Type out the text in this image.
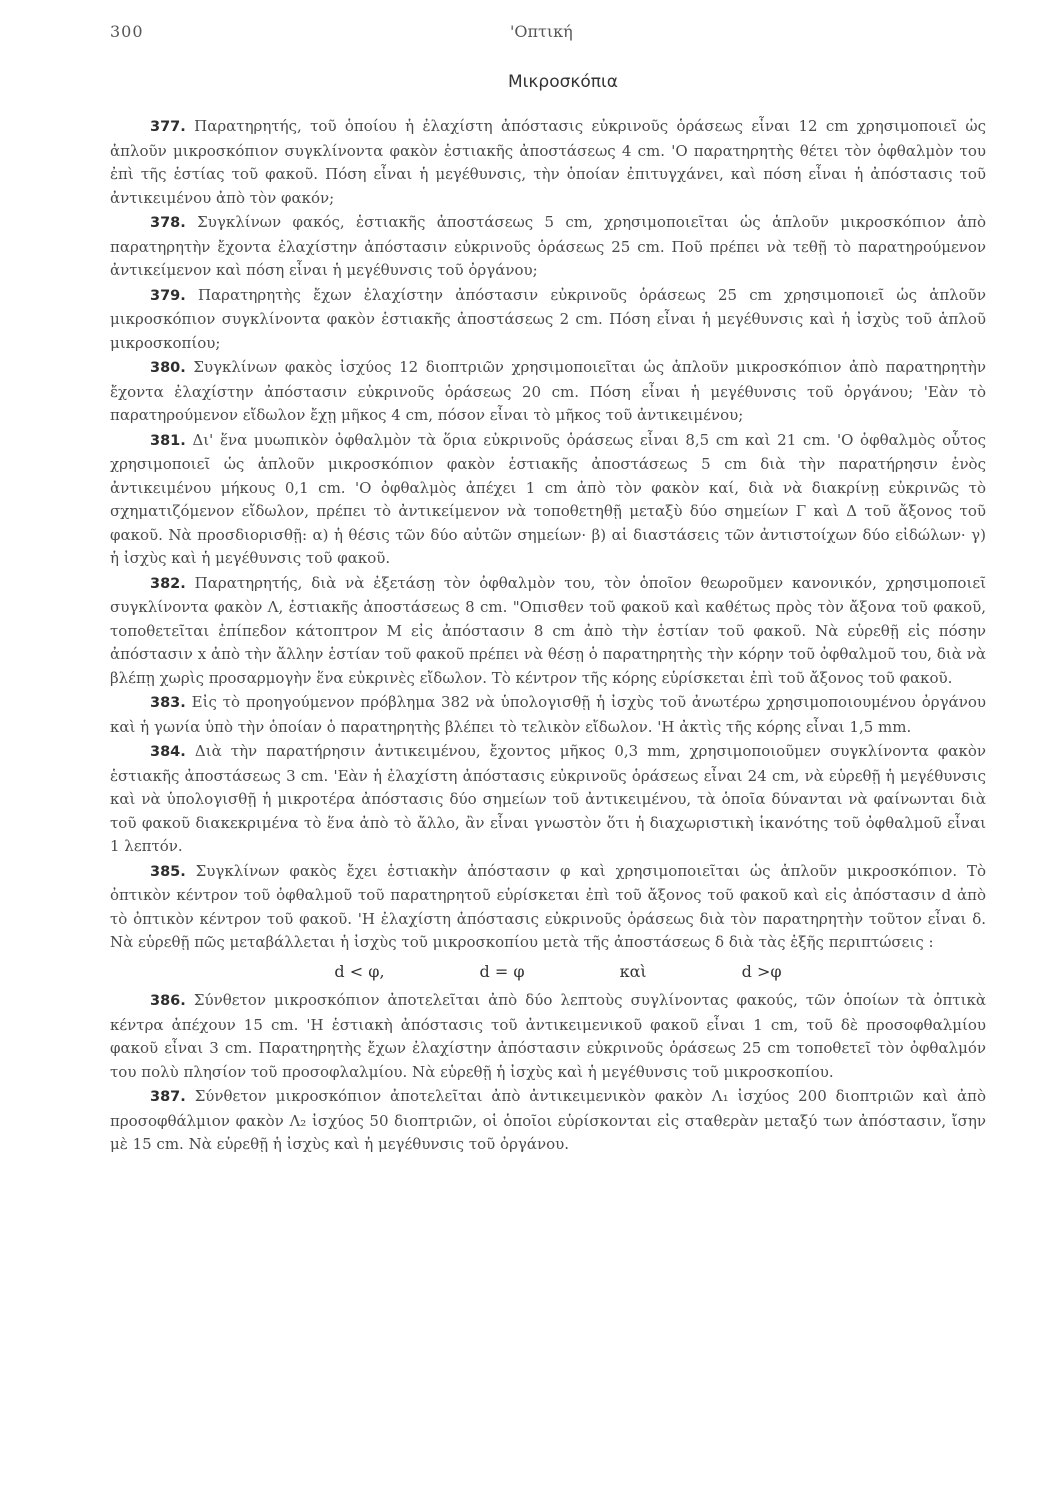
300	'Οπτική
Μικροσκόπια

377. Παρατηρητής, τοῦ ὁποίου ἡ ἐλαχίστη ἀπόστασις εὐκρινοῦς ὁράσεως εἶναι 12 cm χρησιμοποιεῖ ὡς ἁπλοῦν μικροσκόπιον συγκλίνοντα φακὸν ἑστιακῆς ἀποστάσεως 4 cm. 'Ο παρατηρητὴς θέτει τὸν ὀφθαλμὸν του ἐπὶ τῆς ἑστίας τοῦ φακοῦ. Πόση εἶναι ἡ μεγέθυνσις, τὴν ὁποίαν ἐπιτυγχάνει, καὶ πόση εἶναι ἡ ἀπόστασις τοῦ ἀντικειμένου ἀπὸ τὸν φακόν;

378. Συγκλίνων φακός, ἑστιακῆς ἀποστάσεως 5 cm, χρησιμοποιεῖται ὡς ἁπλοῦν μικροσκόπιον ἀπὸ παρατηρητὴν ἔχοντα ἐλαχίστην ἀπόστασιν εὐκρινοῦς ὁράσεως 25 cm. Ποῦ πρέπει νὰ τεθῇ τὸ παρατηρούμενον ἀντικείμενον καὶ πόση εἶναι ἡ μεγέθυνσις τοῦ ὀργάνου;

379. Παρατηρητὴς ἔχων ἐλαχίστην ἀπόστασιν εὐκρινοῦς ὁράσεως 25 cm χρησιμοποιεῖ ὡς ἁπλοῦν μικροσκόπιον συγκλίνοντα φακὸν ἑστιακῆς ἀποστάσεως 2 cm. Πόση εἶναι ἡ μεγέθυνσις καὶ ἡ ἰσχὺς τοῦ ἁπλοῦ μικροσκοπίου;

380. Συγκλίνων φακὸς ἰσχύος 12 διοπτριῶν χρησιμοποιεῖται ὡς ἁπλοῦν μικροσκόπιον ἀπὸ παρατηρητὴν ἔχοντα ἐλαχίστην ἀπόστασιν εὐκρινοῦς ὁράσεως 20 cm. Πόση εἶναι ἡ μεγέθυνσις τοῦ ὀργάνου; 'Εὰν τὸ παρατηρούμενον εἴδωλον ἔχῃ μῆκος 4 cm, πόσον εἶναι τὸ μῆκος τοῦ ἀντικειμένου;

381. Δι' ἕνα μυωπικὸν ὀφθαλμὸν τὰ ὅρια εὐκρινοῦς ὁράσεως εἶναι 8,5 cm καὶ 21 cm. 'Ο ὀφθαλμὸς οὗτος χρησιμοποιεῖ ὡς ἁπλοῦν μικροσκόπιον φακὸν ἑστιακῆς ἀποστάσεως 5 cm διὰ τὴν παρατήρησιν ἑνὸς ἀντικειμένου μήκους 0,1 cm. 'Ο ὀφθαλμὸς ἀπέχει 1 cm ἀπὸ τὸν φακὸν καί, διὰ νὰ διακρίνῃ εὐκρινῶς τὸ σχηματιζόμενον εἴδωλον, πρέπει τὸ ἀντικείμενον νὰ τοποθετηθῇ μεταξὺ δύο σημείων Γ καὶ Δ τοῦ ἄξονος τοῦ φακοῦ. Νὰ προσδιορισθῇ: α) ἡ θέσις τῶν δύο αὐτῶν σημείων· β) αἱ διαστάσεις τῶν ἀντιστοίχων δύο εἰδώλων· γ) ἡ ἰσχὺς καὶ ἡ μεγέθυνσις τοῦ φακοῦ.

382. Παρατηρητής, διὰ νὰ ἐξετάσῃ τὸν ὀφθαλμὸν του, τὸν ὁποῖον θεωροῦμεν κανονικόν, χρησιμοποιεῖ συγκλίνοντα φακὸν Λ, ἑστιακῆς ἀποστάσεως 8 cm. "Οπισθεν τοῦ φακοῦ καὶ καθέτως πρὸς τὸν ἄξονα τοῦ φακοῦ, τοποθετεῖται ἐπίπεδον κάτοπτρον Μ εἰς ἀπόστασιν 8 cm ἀπὸ τὴν ἑστίαν τοῦ φακοῦ. Νὰ εὑρεθῇ εἰς πόσην ἀπόστασιν x ἀπὸ τὴν ἄλλην ἑστίαν τοῦ φακοῦ πρέπει νὰ θέσῃ ὁ παρατηρητὴς τὴν κόρην τοῦ ὀφθαλμοῦ του, διὰ νὰ βλέπῃ χωρὶς προσαρμογὴν ἕνα εὐκρινὲς εἴδωλον. Τὸ κέντρον τῆς κόρης εὑρίσκεται ἐπὶ τοῦ ἄξονος τοῦ φακοῦ.

383. Εἰς τὸ προηγούμενον πρόβλημα 382 νὰ ὑπολογισθῇ ἡ ἰσχὺς τοῦ ἀνωτέρω χρησιμοποιουμένου ὀργάνου καὶ ἡ γωνία ὑπὸ τὴν ὁποίαν ὁ παρατηρητὴς βλέπει τὸ τελικὸν εἴδωλον. 'Η ἀκτὶς τῆς κόρης εἶναι 1,5 mm.

384. Διὰ τὴν παρατήρησιν ἀντικειμένου, ἔχοντος μῆκος 0,3 mm, χρησιμοποιοῦμεν συγκλίνοντα φακὸν ἑστιακῆς ἀποστάσεως 3 cm. 'Εὰν ἡ ἐλαχίστη ἀπόστασις εὐκρινοῦς ὁράσεως εἶναι 24 cm, νὰ εὑρεθῇ ἡ μεγέθυνσις καὶ νὰ ὑπολογισθῇ ἡ μικροτέρα ἀπόστασις δύο σημείων τοῦ ἀντικειμένου, τὰ ὁποῖα δύνανται νὰ φαίνωνται διὰ τοῦ φακοῦ διακεκριμένα τὸ ἕνα ἀπὸ τὸ ἄλλο, ἂν εἶναι γνωστὸν ὅτι ἡ διαχωριστικὴ ἱκανότης τοῦ ὀφθαλμοῦ εἶναι 1 λεπτόν.

385. Συγκλίνων φακὸς ἔχει ἑστιακὴν ἀπόστασιν φ καὶ χρησιμοποιεῖται ὡς ἁπλοῦν μικροσκόπιον. Τὸ ὀπτικὸν κέντρον τοῦ ὀφθαλμοῦ τοῦ παρατηρητοῦ εὑρίσκεται ἐπὶ τοῦ ἄξονος τοῦ φακοῦ καὶ εἰς ἀπόστασιν d ἀπὸ τὸ ὀπτικὸν κέντρον τοῦ φακοῦ. 'Η ἐλαχίστη ἀπόστασις εὐκρινοῦς ὁράσεως διὰ τὸν παρατηρητὴν τοῦτον εἶναι δ. Νὰ εὑρεθῇ πῶς μεταβάλλεται ἡ ἰσχὺς τοῦ μικροσκοπίου μετὰ τῆς ἀποστάσεως δ διὰ τὰς ἑξῆς περιπτώσεις :

d < φ,	d = φ	καὶ	d >φ

386. Σύνθετον μικροσκόπιον ἀποτελεῖται ἀπὸ δύο λεπτοὺς συγλίνοντας φακούς, τῶν ὁποίων τὰ ὀπτικὰ κέντρα ἀπέχουν 15 cm. 'Η ἑστιακὴ ἀπόστασις τοῦ ἀντικειμενικοῦ φακοῦ εἶναι 1 cm, τοῦ δὲ προσοφθαλμίου φακοῦ εἶναι 3 cm. Παρατηρητὴς ἔχων ἐλαχίστην ἀπόστασιν εὐκρινοῦς ὁράσεως 25 cm τοποθετεῖ τὸν ὀφθαλμόν του πολὺ πλησίον τοῦ προσοφλαλμίου. Νὰ εὑρεθῇ ἡ ἰσχὺς καὶ ἡ μεγέθυνσις τοῦ μικροσκοπίου.

387. Σύνθετον μικροσκόπιον ἀποτελεῖται ἀπὸ ἀντικειμενικὸν φακὸν Λ₁ ἰσχύος 200 διοπτριῶν καὶ ἀπὸ προσοφθάλμιον φακὸν Λ₂ ἰσχύος 50 διοπτριῶν, οἱ ὁποῖοι εὑρίσκονται εἰς σταθερὰν μεταξύ των ἀπόστασιν, ἴσην μὲ 15 cm. Νὰ εὑρεθῇ ἡ ἰσχὺς καὶ ἡ μεγέθυνσις τοῦ ὀργάνου.
